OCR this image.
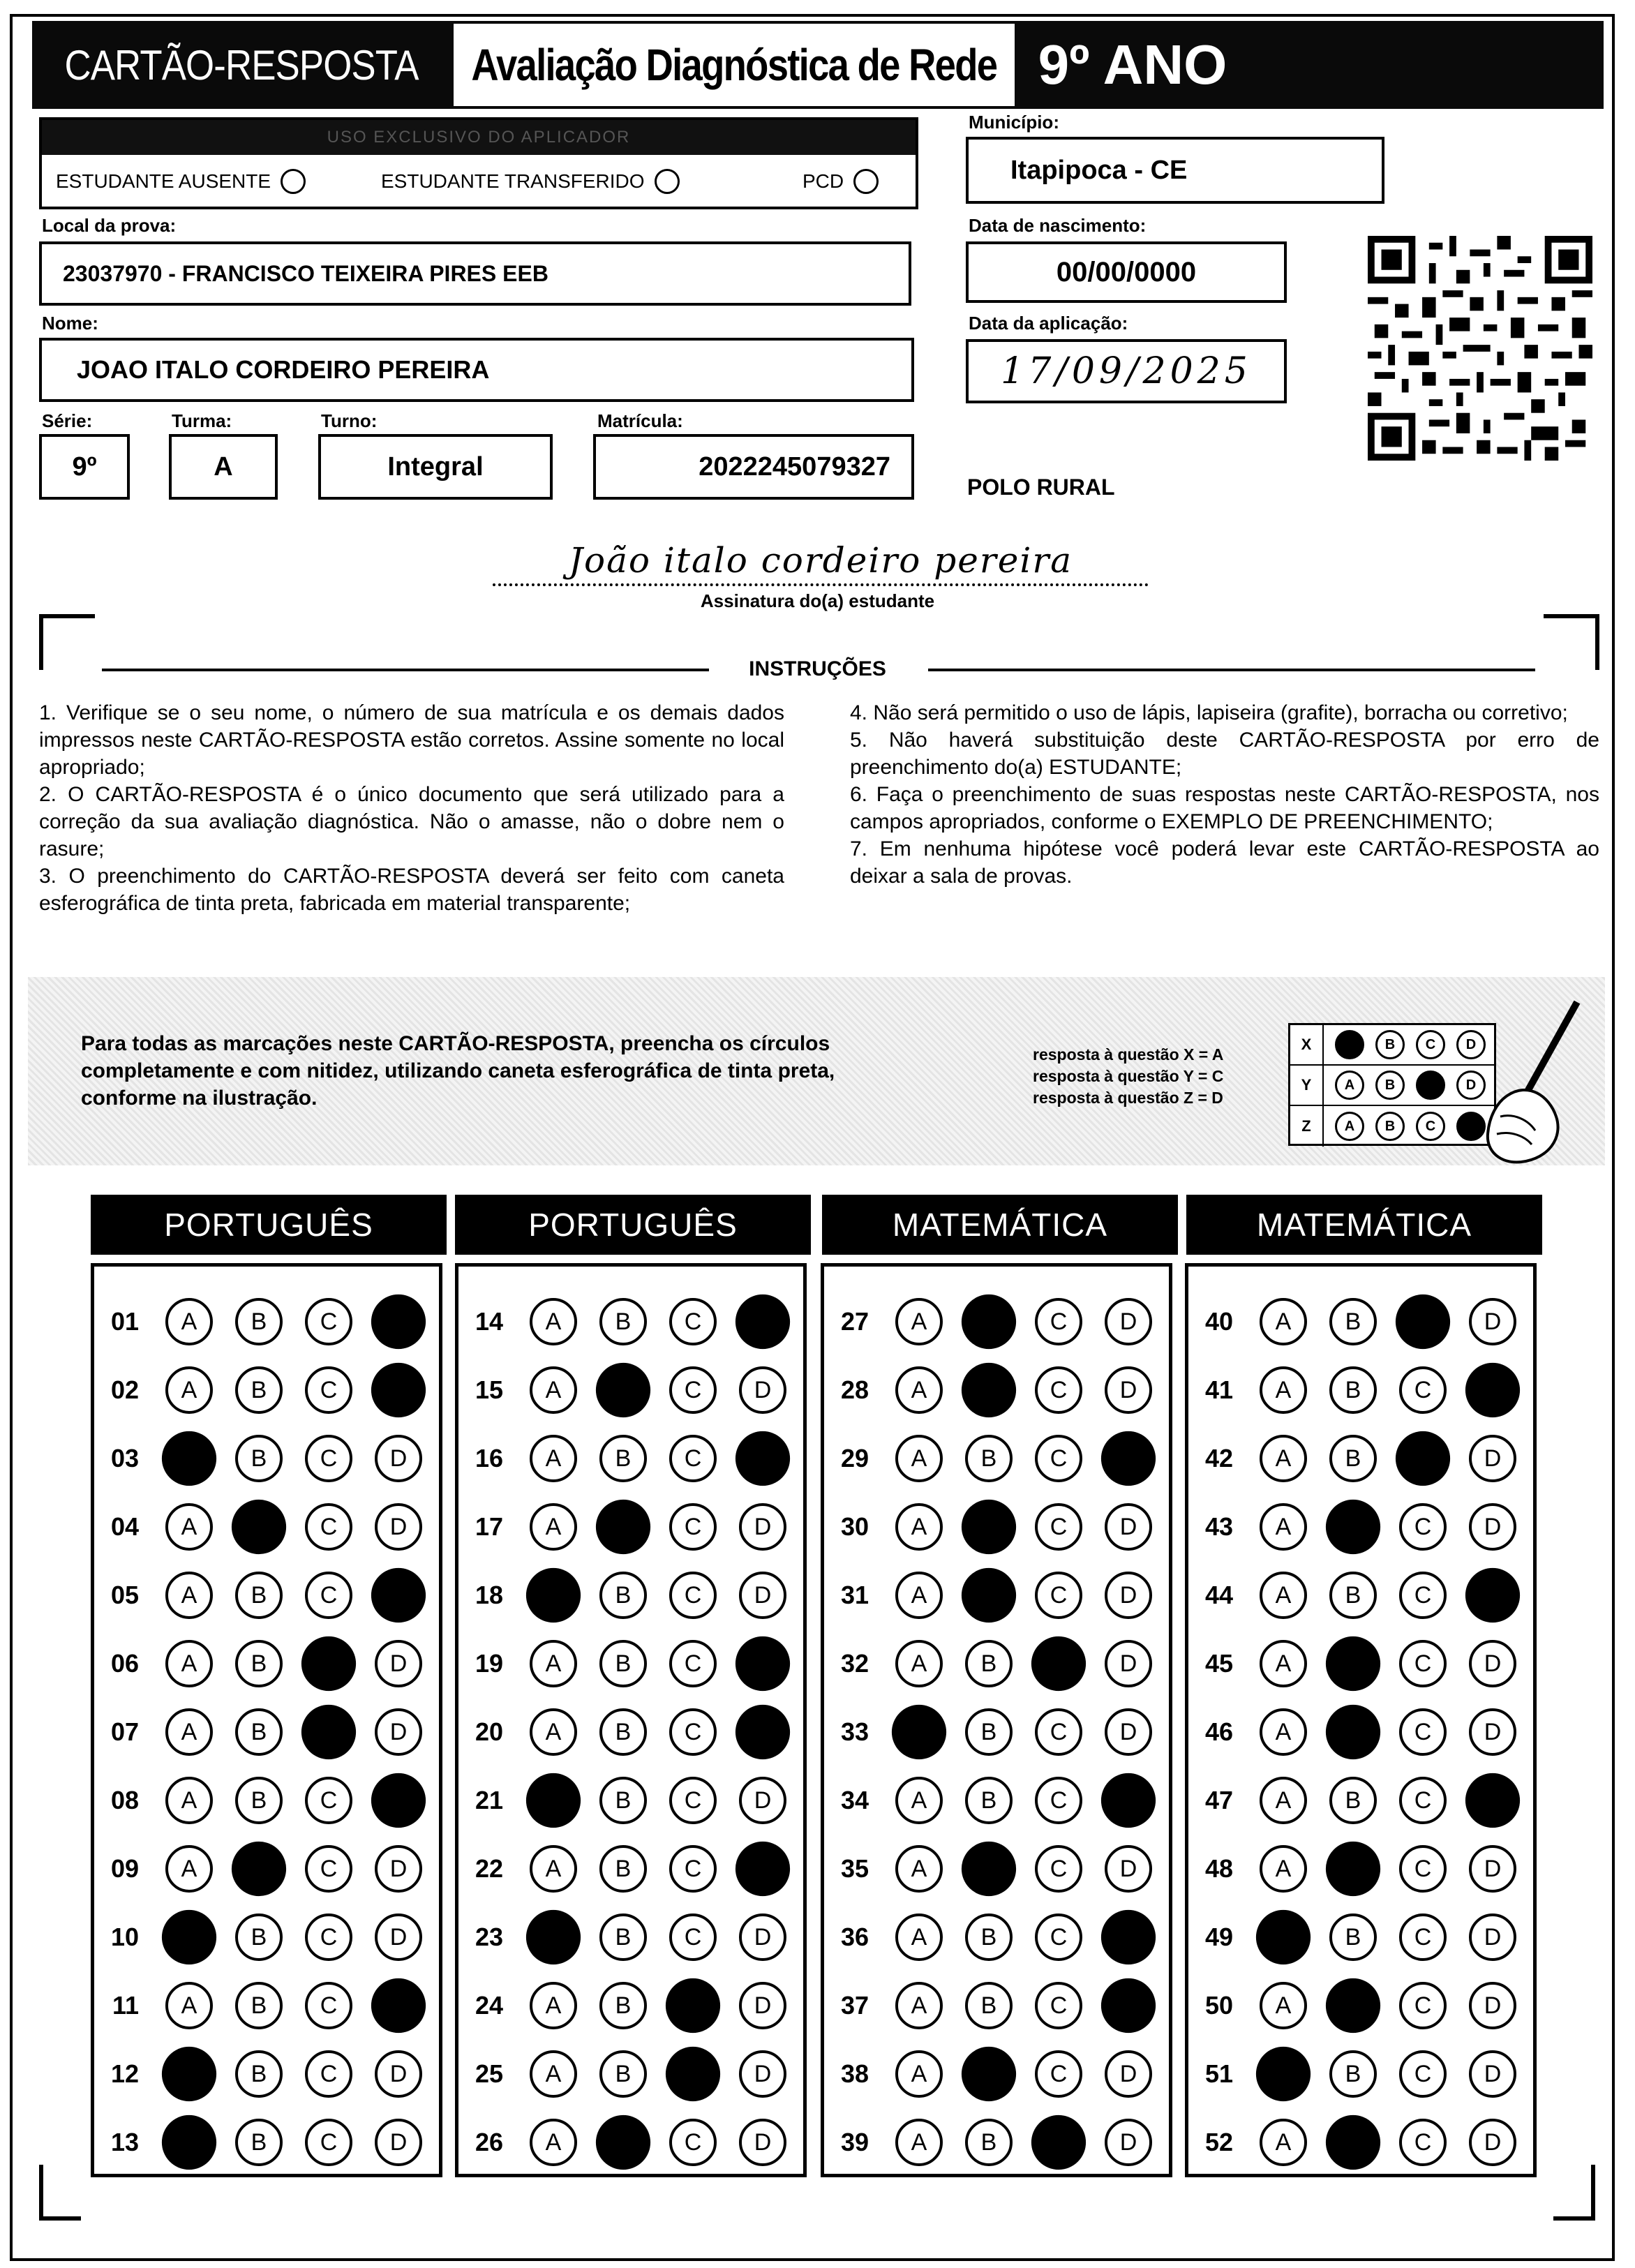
CARTÃO-RESPOSTA Avaliação Diagnóstica de Rede 9º ANO
USO EXCLUSIVO DO APLICADOR
ESTUDANTE AUSENTE	ESTUDANTE TRANSFERIDO	PCD
Município:
Itapipoca - CE
Data de nascimento:
00/00/0000
Data da aplicação:
17/09/2025
POLO RURAL
Local da prova:
23037970 - FRANCISCO TEIXEIRA PIRES EEB
Nome:
JOAO ITALO CORDEIRO PEREIRA
Série:
9º
Turma:
A
Turno:
Integral
Matrícula:
2022245079327
João italo cordeiro pereira
Assinatura do(a) estudante
INSTRUÇÕES

1. Verifique se o seu nome, o número de sua matrícula e os demais dados impressos neste CARTÃO-RESPOSTA estão corretos. Assine somente no local apropriado;

2. O CARTÃO-RESPOSTA é o único documento que será utilizado para a correção da sua avaliação diagnóstica. Não o amasse, não o dobre nem o rasure;

3. O preenchimento do CARTÃO-RESPOSTA deverá ser feito com caneta esferográfica de tinta preta, fabricada em material transparente;

4. Não será permitido o uso de lápis, lapiseira (grafite), borracha ou corretivo;

5. Não haverá substituição deste CARTÃO-RESPOSTA por erro de preenchimento do(a) ESTUDANTE;

6. Faça o preenchimento de suas respostas neste CARTÃO-RESPOSTA, nos campos apropriados, conforme o EXEMPLO DE PREENCHIMENTO;

7. Em nenhuma hipótese você poderá levar este CARTÃO-RESPOSTA ao deixar a sala de provas.

Para todas as marcações neste CARTÃO-RESPOSTA, preencha os círculos completamente e com nitidez, utilizando caneta esferográfica de tinta preta, conforme na ilustração.
resposta à questão X = A
resposta à questão Y = C
resposta à questão Z = D
X	A	B	C	D
Y	A	B	C	D
Z	A	B	C	D
PORTUGUÊS
01	A	B	C	D
02	A	B	C	D
03	A	B	C	D
04	A	B	C	D
05	A	B	C	D
06	A	B	C	D
07	A	B	C	D
08	A	B	C	D
09	A	B	C	D
10	A	B	C	D
11	A	B	C	D
12	A	B	C	D
13	A	B	C	D
PORTUGUÊS
14	A	B	C	D
15	A	B	C	D
16	A	B	C	D
17	A	B	C	D
18	A	B	C	D
19	A	B	C	D
20	A	B	C	D
21	A	B	C	D
22	A	B	C	D
23	A	B	C	D
24	A	B	C	D
25	A	B	C	D
26	A	B	C	D
MATEMÁTICA
27	A	B	C	D
28	A	B	C	D
29	A	B	C	D
30	A	B	C	D
31	A	B	C	D
32	A	B	C	D
33	A	B	C	D
34	A	B	C	D
35	A	B	C	D
36	A	B	C	D
37	A	B	C	D
38	A	B	C	D
39	A	B	C	D
MATEMÁTICA
40	A	B	C	D
41	A	B	C	D
42	A	B	C	D
43	A	B	C	D
44	A	B	C	D
45	A	B	C	D
46	A	B	C	D
47	A	B	C	D
48	A	B	C	D
49	A	B	C	D
50	A	B	C	D
51	A	B	C	D
52	A	B	C	D
